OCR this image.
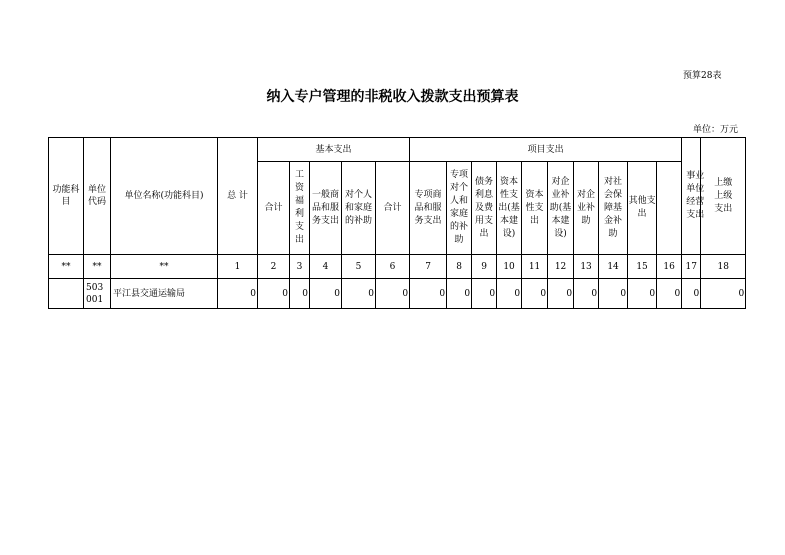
预算28表
纳入专户管理的非税收入拨款支出预算表
单位：万元
功能科目	单位代码	单位名称(功能科目)	总 计	基本支出					项目支出										事业单位经营支出	上缴上级支出	
				合计	工资福利支出	一般商品和服务支出	对个人和家庭的补助	合计	专项商品和服务支出	专项对个人和家庭的补助	债务利息及费用支出	资本性支出(基本建设)	资本性支出	对企业补助(基本建设)	对企业补助	对社会保障基金补助	其他支出				
**	**	**	1	2	3	4	5	6	7	8	9	10	11	12	13	14	15	16	17	18	
	503001	平江县交通运输局	0	0	0	0	0	0	0	0	0	0	0	0	0	0	0	0	0	0	
